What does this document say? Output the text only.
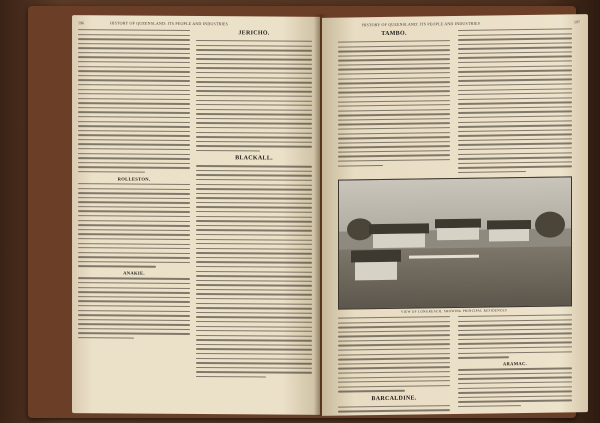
196	HISTORY OF QUEENSLAND: ITS PEOPLE AND INDUSTRIES
ROLLESTON.
ANAKIE.
JERICHO.
BLACKALL.
HISTORY OF QUEENSLAND: ITS PEOPLE AND INDUSTRIES	197
TAMBO.
VIEW OF LONGREACH, SHOWING PRINCIPAL RESIDENCES
BARCALDINE.
ARAMAC.
